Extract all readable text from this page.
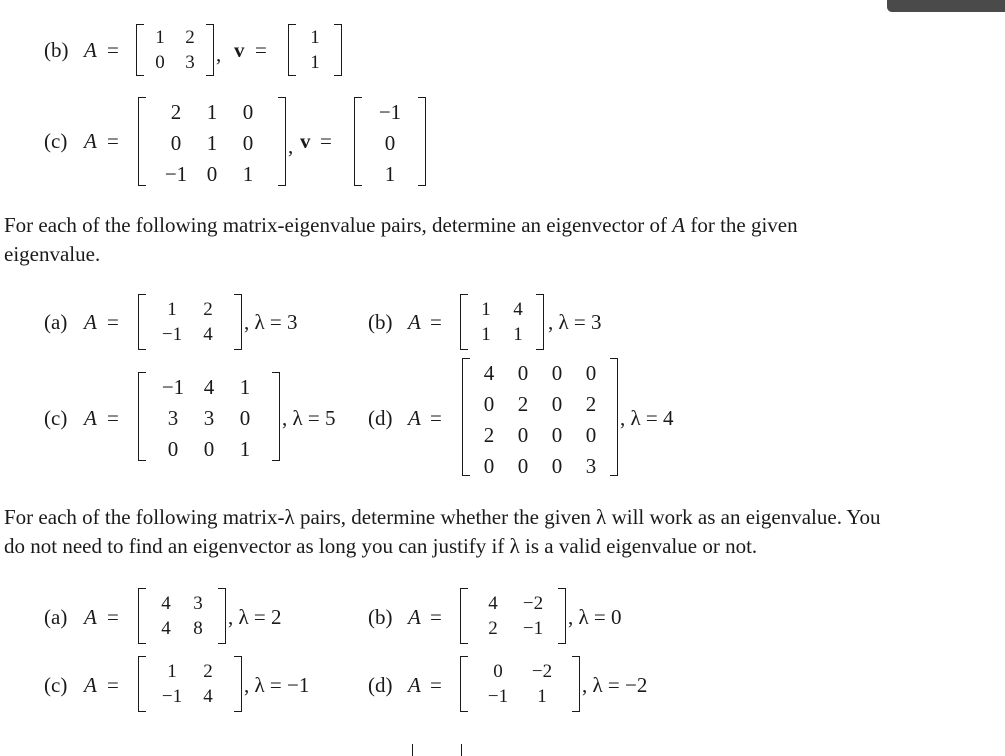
(b) A =
1	2
0	3 , v =
1
1
(c) A =
2	1	0
0	1	0
−1	0	1
, v =
−1
0
1
For each of the following matrix-eigenvalue pairs, determine an eigenvector of A for the given eigenvalue.
(a) A =
1	2
−1	4
, λ = 3	(b) A =
1	4
1	1
, λ = 3
(c) A =
−1	4	1
3	3	0
0	0	1
, λ = 5 (d) A =
4	0	0	0
0	2	0	2
2	0	0	0
0	0	0	3
, λ = 4
For each of the following matrix-λ pairs, determine whether the given λ will work as an eigenvalue. You do not need to find an eigenvector as long you can justify if λ is a valid eigenvalue or not.
(a) A =
4	3
4	8 , λ = 2	(b) A =
4	−2
2	−1 , λ = 0
(c) A =
1	2
−1	4 , λ = −1	(d) A =
0	−2
−1	1 , λ = −2
